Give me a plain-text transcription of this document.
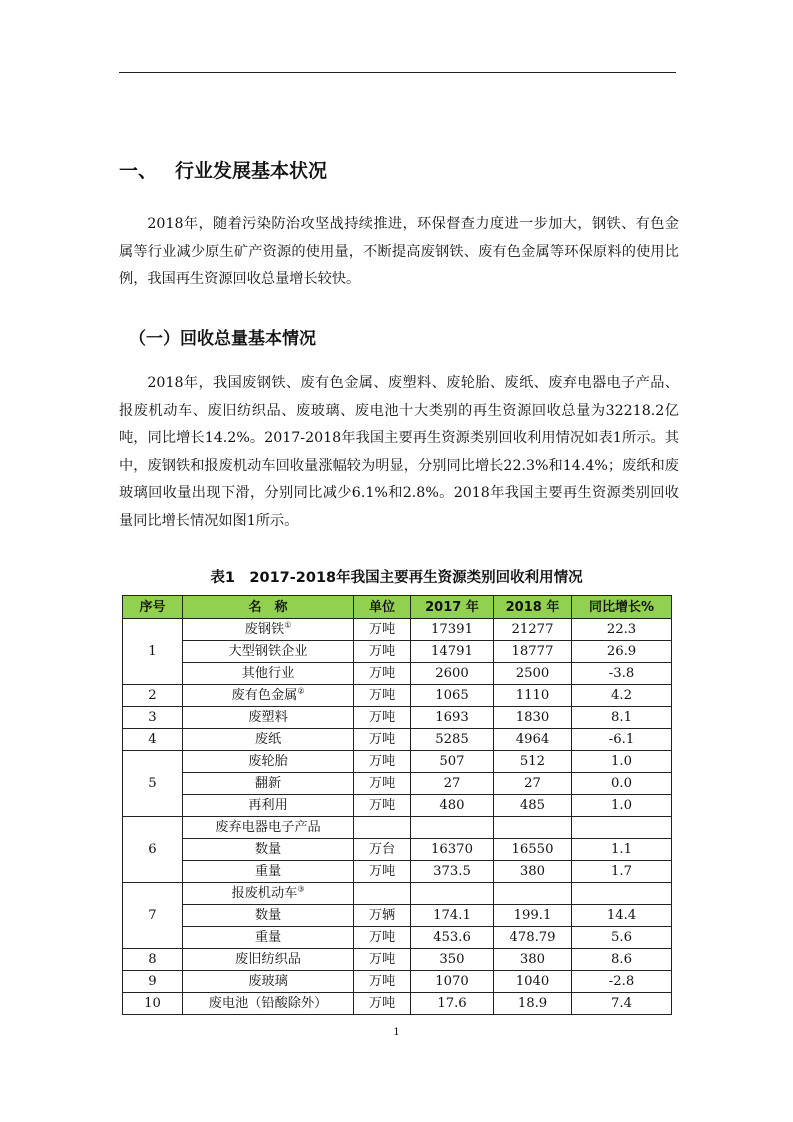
一、 行业发展基本状况
2018年，随着污染防治攻坚战持续推进，环保督查力度进一步加大，钢铁、有色金属等行业减少原生矿产资源的使用量，不断提高废钢铁、废有色金属等环保原料的使用比例，我国再生资源回收总量增长较快。
（一）回收总量基本情况
2018年，我国废钢铁、废有色金属、废塑料、废轮胎、废纸、废弃电器电子产品、报废机动车、废旧纺织品、废玻璃、废电池十大类别的再生资源回收总量为32218.2亿吨，同比增长14.2%。2017-2018年我国主要再生资源类别回收利用情况如表1所示。其中，废钢铁和报废机动车回收量涨幅较为明显，分别同比增长22.3%和14.4%；废纸和废玻璃回收量出现下滑，分别同比减少6.1%和2.8%。2018年我国主要再生资源类别回收量同比增长情况如图1所示。
表1　2017-2018年我国主要再生资源类别回收利用情况
序号	名　称	单位	2017 年	2018 年	同比增长%
1	废钢铁①	万吨	17391	21277	22.3
	大型钢铁企业	万吨	14791	18777	26.9
	其他行业	万吨	2600	2500	-3.8
2	废有色金属②	万吨	1065	1110	4.2
3	废塑料	万吨	1693	1830	8.1
4	废纸	万吨	5285	4964	-6.1
5	废轮胎	万吨	507	512	1.0
	翻新	万吨	27	27	0.0
	再利用	万吨	480	485	1.0
6	废弃电器电子产品				
	数量	万台	16370	16550	1.1
	重量	万吨	373.5	380	1.7
7	报废机动车③				
	数量	万辆	174.1	199.1	14.4
	重量	万吨	453.6	478.79	5.6
8	废旧纺织品	万吨	350	380	8.6
9	废玻璃	万吨	1070	1040	-2.8
10	废电池（铅酸除外）	万吨	17.6	18.9	7.4
1
